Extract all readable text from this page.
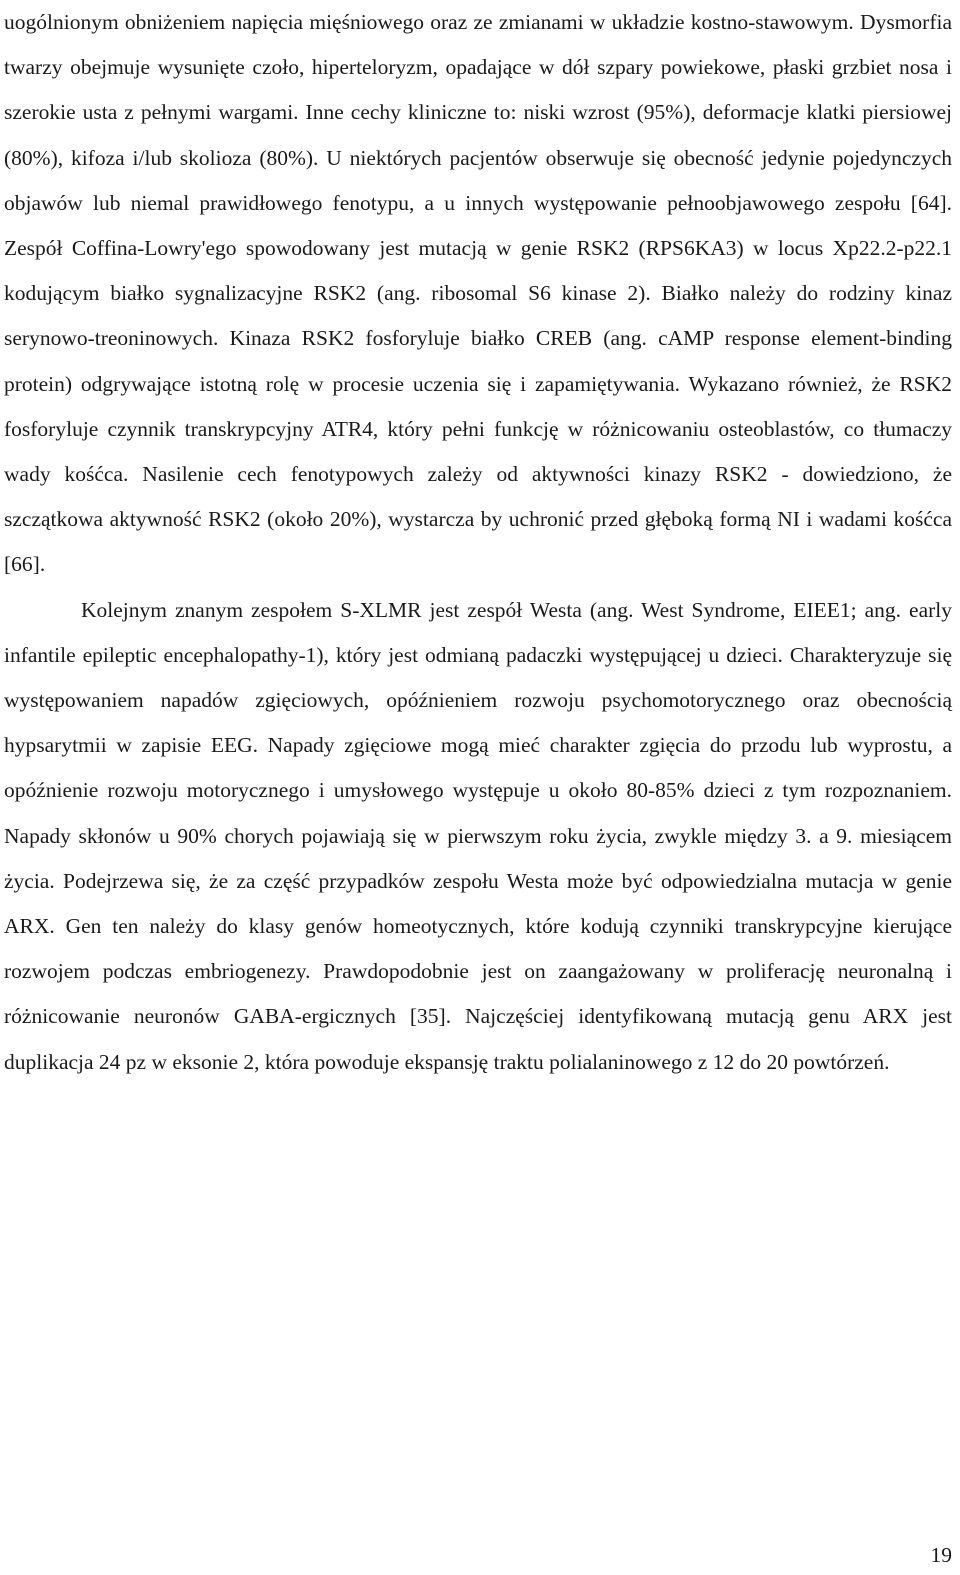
uogólnionym obniżeniem napięcia mięśniowego oraz ze zmianami w układzie kostno-stawowym. Dysmorfia twarzy obejmuje wysunięte czoło, hiperteloryzm, opadające w dół szpary powiekowe, płaski grzbiet nosa i szerokie usta z pełnymi wargami. Inne cechy kliniczne to: niski wzrost (95%), deformacje klatki piersiowej (80%), kifoza i/lub skolioza (80%). U niektórych pacjentów obserwuje się obecność jedynie pojedynczych objawów lub niemal prawidłowego fenotypu, a u innych występowanie pełnoobjawowego zespołu [64]. Zespół Coffina-Lowry'ego spowodowany jest mutacją w genie RSK2 (RPS6KA3) w locus Xp22.2-p22.1 kodującym białko sygnalizacyjne RSK2 (ang. ribosomal S6 kinase 2). Białko należy do rodziny kinaz serynowo-treoninowych. Kinaza RSK2 fosforyluje białko CREB (ang. cAMP response element-binding protein) odgrywające istotną rolę w procesie uczenia się i zapamiętywania. Wykazano również, że RSK2 fosforyluje czynnik transkrypcyjny ATR4, który pełni funkcję w różnicowaniu osteoblastów, co tłumaczy wady kośćca. Nasilenie cech fenotypowych zależy od aktywności kinazy RSK2 - dowiedziono, że szczątkowa aktywność RSK2 (około 20%), wystarcza by uchronić przed głęboką formą NI i wadami kośćca [66].

Kolejnym znanym zespołem S-XLMR jest zespół Westa (ang. West Syndrome, EIEE1; ang. early infantile epileptic encephalopathy-1), który jest odmianą padaczki występującej u dzieci. Charakteryzuje się występowaniem napadów zgięciowych, opóźnieniem rozwoju psychomotorycznego oraz obecnością hypsarytmii w zapisie EEG. Napady zgięciowe mogą mieć charakter zgięcia do przodu lub wyprostu, a opóźnienie rozwoju motorycznego i umysłowego występuje u około 80-85% dzieci z tym rozpoznaniem. Napady skłonów u 90% chorych pojawiają się w pierwszym roku życia, zwykle między 3. a 9. miesiącem życia. Podejrzewa się, że za część przypadków zespołu Westa może być odpowiedzialna mutacja w genie ARX. Gen ten należy do klasy genów homeotycznych, które kodują czynniki transkrypcyjne kierujące rozwojem podczas embriogenezy. Prawdopodobnie jest on zaangażowany w proliferację neuronalną i różnicowanie neuronów GABA-ergicznych [35]. Najczęściej identyfikowaną mutacją genu ARX jest duplikacja 24 pz w eksonie 2, która powoduje ekspansję traktu polialaninowego z 12 do 20 powtórzeń.

19
